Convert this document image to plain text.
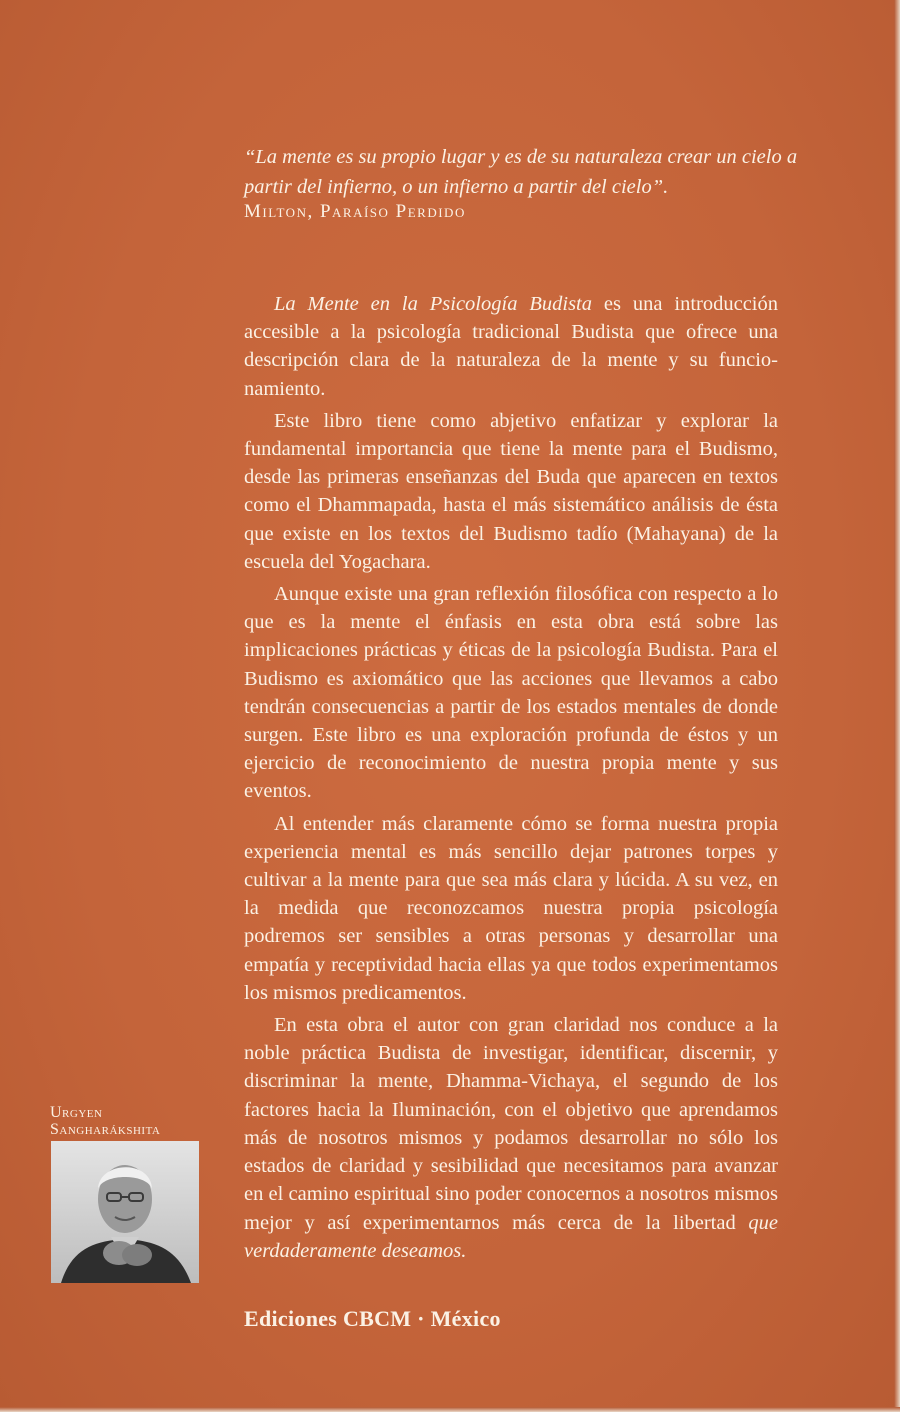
“La mente es su propio lugar y es de su naturaleza crear un cielo a partir del infierno, o un infierno a partir del cielo”.
Milton, Paraíso Perdido

La Mente en la Psicología Budista es una introducción accesible a la psicología tradicional Budista que ofrece una descripción clara de la naturaleza de la mente y su funcionamiento.

Este libro tiene como abjetivo enfatizar y explorar la fundamental importancia que tiene la mente para el Budismo, desde las primeras enseñanzas del Buda que aparecen en textos como el Dhammapada, hasta el más sistemático análisis de ésta que existe en los textos del Budismo tadío (Mahayana) de la escuela del Yogachara.

Aunque existe una gran reflexión filosófica con respecto a lo que es la mente el énfasis en esta obra está sobre las implicaciones prácticas y éticas de la psicología Budista. Para el Budismo es axiomático que las acciones que llevamos a cabo tendrán consecuencias a partir de los estados mentales de donde surgen. Este libro es una exploración profunda de éstos y un ejercicio de reconocimiento de nuestra propia mente y sus eventos.

Al entender más claramente cómo se forma nuestra propia experiencia mental es más sencillo dejar patrones torpes y cultivar a la mente para que sea más clara y lúcida. A su vez, en la medida que reconozcamos nuestra propia psicología podremos ser sensibles a otras personas y desarrollar una empatía y receptividad hacia ellas ya que todos experimentamos los mismos predicamentos.

En esta obra el autor con gran claridad nos conduce a la noble práctica Budista de investigar, identificar, discernir, y discriminar la mente, Dhamma-Vichaya, el segundo de los factores hacia la Iluminación, con el objetivo que aprendamos más de nosotros mismos y podamos desarrollar no sólo los estados de claridad y sesibilidad que necesitamos para avanzar en el camino espiritual sino poder conocernos a nosotros mismos mejor y así experimentarnos más cerca de la libertad que verdaderamente deseamos.

Urgyen
Sangharákshita
Ediciones CBCM · México
